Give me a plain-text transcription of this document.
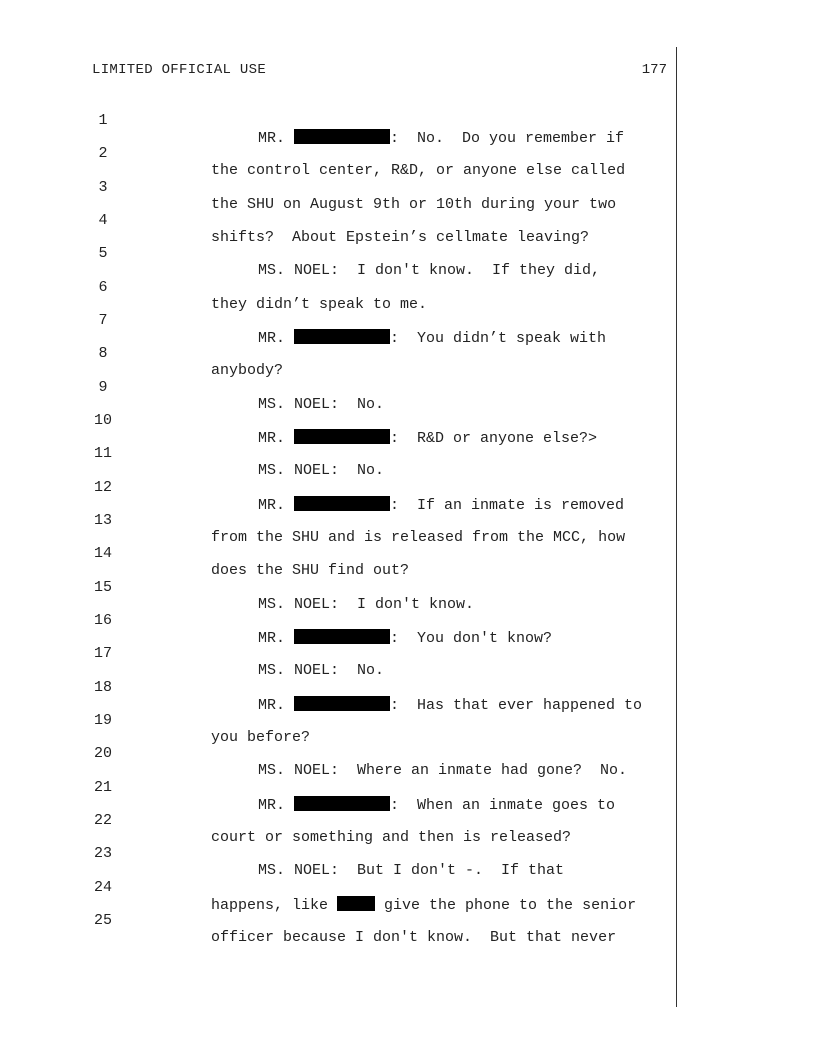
LIMITED OFFICIAL USE	177

1

MR.	:  No.  Do you remember if

2

the control center, R&D, or anyone else called

3

the SHU on August 9th or 10th during your two

4

shifts?  About Epstein’s cellmate leaving?

5

MS. NOEL:  I don't know.  If they did,

6

they didn’t speak to me.

7

MR.	:  You didn’t speak with

8

anybody?

9

MS. NOEL:  No.

10

MR.	:  R&D or anyone else?>

11

MS. NOEL:  No.

12

MR.	:  If an inmate is removed

13

from the SHU and is released from the MCC, how

14

does the SHU find out?

15

MS. NOEL:  I don't know.

16

MR.	:  You don't know?

17

MS. NOEL:  No.

18

MR.	:  Has that ever happened to

19

you before?

20

MS. NOEL:  Where an inmate had gone?  No.

21

MR.	:  When an inmate goes to

22

court or something and then is released?

23

MS. NOEL:  But I don't -.  If that

24

happens, like	give the phone to the senior

25

officer because I don't know.  But that never
